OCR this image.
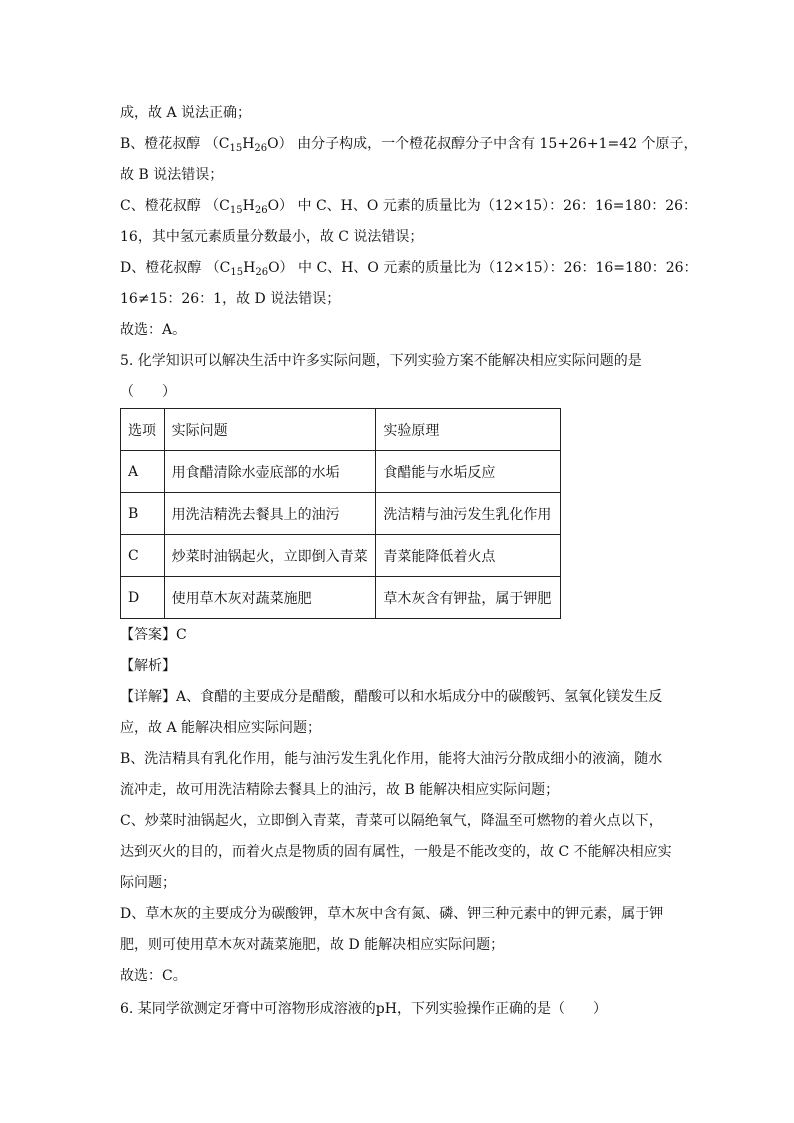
成，故 A 说法正确；
B、橙花叔醇 $(C_{15}H_{26}O)$ 由分子构成，一个橙花叔醇分子中含有 15+26+1=42 个原子，
故 B 说法错误；
C、橙花叔醇 $(C_{15}H_{26}O)$ 中 C、H、O 元素的质量比为（12×15）：26：16=180：26：
16，其中氢元素质量分数最小，故 C 说法错误；
D、橙花叔醇 $(C_{15}H_{26}O)$ 中 C、H、O 元素的质量比为（12×15）：26：16=180：26：
16≠15：26：1，故 D 说法错误；
故选：A。
5. 化学知识可以解决生活中许多实际问题，下列实验方案不能解决相应实际问题的是
（　　）
选项	实际问题	实验原理
A	用食醋清除水壶底部的水垢	食醋能与水垢反应
B	用洗洁精洗去餐具上的油污	洗洁精与油污发生乳化作用
C	炒菜时油锅起火，立即倒入青菜	青菜能降低着火点
D	使用草木灰对蔬菜施肥	草木灰含有钾盐，属于钾肥
【答案】C
【解析】
【详解】A、食醋的主要成分是醋酸，醋酸可以和水垢成分中的碳酸钙、氢氧化镁发生反
应，故 A 能解决相应实际问题；
B、洗洁精具有乳化作用，能与油污发生乳化作用，能将大油污分散成细小的液滴，随水
流冲走，故可用洗洁精除去餐具上的油污，故 B 能解决相应实际问题；
C、炒菜时油锅起火，立即倒入青菜，青菜可以隔绝氧气，降温至可燃物的着火点以下，
达到灭火的目的，而着火点是物质的固有属性，一般是不能改变的，故 C 不能解决相应实
际问题；
D、草木灰的主要成分为碳酸钾，草木灰中含有氮、磷、钾三种元素中的钾元素，属于钾
肥，则可使用草木灰对蔬菜施肥，故 D 能解决相应实际问题；
故选：C。
6. 某同学欲测定牙膏中可溶物形成溶液的pH，下列实验操作正确的是（　　）
